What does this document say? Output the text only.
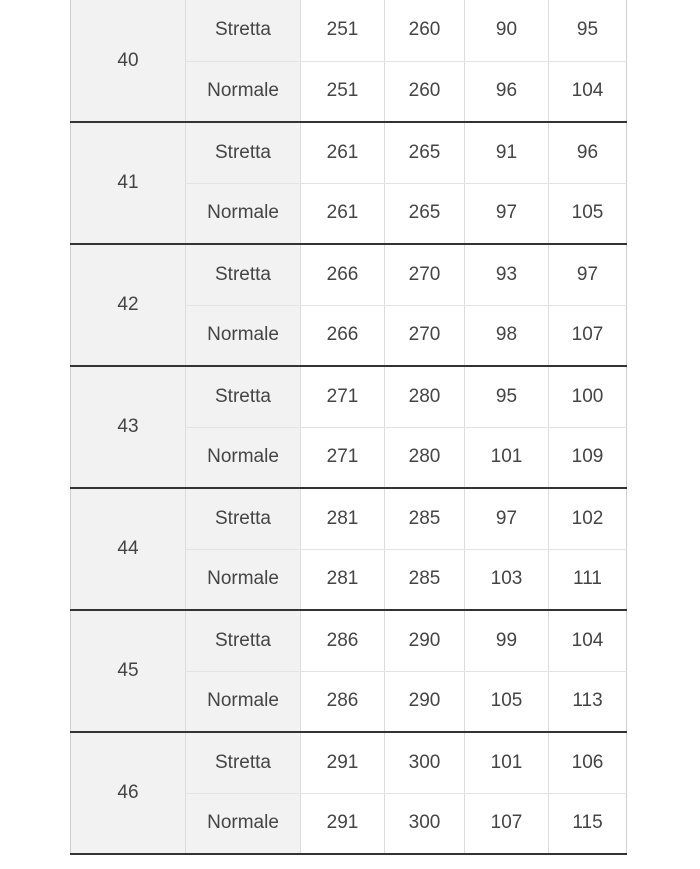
40	Stretta	251	260	90	95
	Normale	251	260	96	104
41	Stretta	261	265	91	96
	Normale	261	265	97	105
42	Stretta	266	270	93	97
	Normale	266	270	98	107
43	Stretta	271	280	95	100
	Normale	271	280	101	109
44	Stretta	281	285	97	102
	Normale	281	285	103	111
45	Stretta	286	290	99	104
	Normale	286	290	105	113
46	Stretta	291	300	101	106
	Normale	291	300	107	115
